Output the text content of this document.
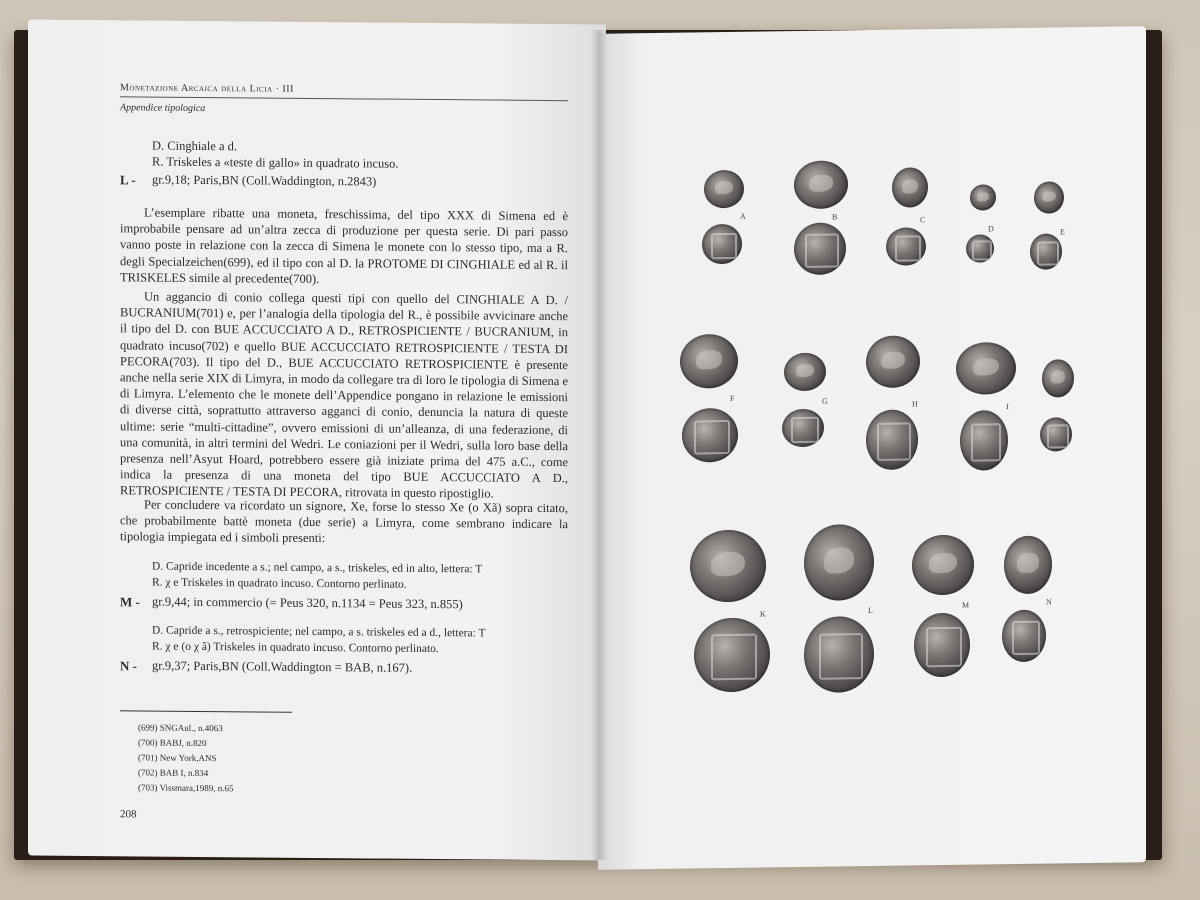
Monetazione Arcaica della Licia · III
Appendice tipologica
D. Cinghiale a d.
R. Triskeles a «teste di gallo» in quadrato incuso.
L - gr.9,18; Paris,BN (Coll.Waddington, n.2843)
L’esemplare ribatte una moneta, freschissima, del tipo XXX di Simena ed è improbabile pensare ad un’altra zecca di produzione per questa serie. Di pari passo vanno poste in relazione con la zecca di Simena le monete con lo stesso tipo, ma a R. degli Specialzeichen(699), ed il tipo con al D. la PROTOME DI CINGHIALE ed al R. il TRISKELES simile al precedente(700).
Un aggancio di conio collega questi tipi con quello del CINGHIALE A D. / BUCRANIUM(701) e, per l’analogia della tipologia del R., è possibile avvicinare anche il tipo del D. con BUE ACCUCCIATO A D., RETROSPICIENTE / BUCRANIUM, in quadrato incuso(702) e quello BUE ACCUCCIATO RETROSPICIENTE / TESTA DI PECORA(703). Il tipo del D., BUE ACCUCCIATO RETROSPICIENTE è presente anche nella serie XIX di Limyra, in modo da collegare tra di loro le tipologia di Simena e di Limyra. L’elemento che le monete dell’Appendice pongano in relazione le emissioni di diverse città, soprattutto attraverso agganci di conio, denuncia la natura di queste ultime: serie “multi-cittadine”, ovvero emissioni di un’alleanza, di una federazione, di una comunità, in altri termini del Wedri. Le coniazioni per il Wedri, sulla loro base della presenza nell’Asyut Hoard, potrebbero essere già iniziate prima del 475 a.C., come indica la presenza di una moneta del tipo BUE ACCUCCIATO A D., RETROSPICIENTE / TESTA DI PECORA, ritrovata in questo ripostiglio.
Per concludere va ricordato un signore, Xe, forse lo stesso Xe (o Xã) sopra citato, che probabilmente battè moneta (due serie) a Limyra, come sembrano indicare la tipologia impiegata ed i simboli presenti:
D. Capride incedente a s.; nel campo, a s., triskeles, ed in alto, lettera: T
R. χ e Triskeles in quadrato incuso. Contorno perlinato.
M - gr.9,44; in commercio (= Peus 320, n.1134 = Peus 323, n.855)
D. Capride a s., retrospiciente; nel campo, a s. triskeles ed a d., lettera: T
R. χ e (o χ â) Triskeles in quadrato incuso. Contorno perlinato.
N - gr.9,37; Paris,BN (Coll.Waddington = BAB, n.167).
(699) SNGAul., n.4063
(700) BABJ, n.820
(701) New York,ANS
(702) BAB I, n.834
(703) Vissmara,1989, n.65
208
A	B	C
D	E
F	G	H	I
K	L
M	N
